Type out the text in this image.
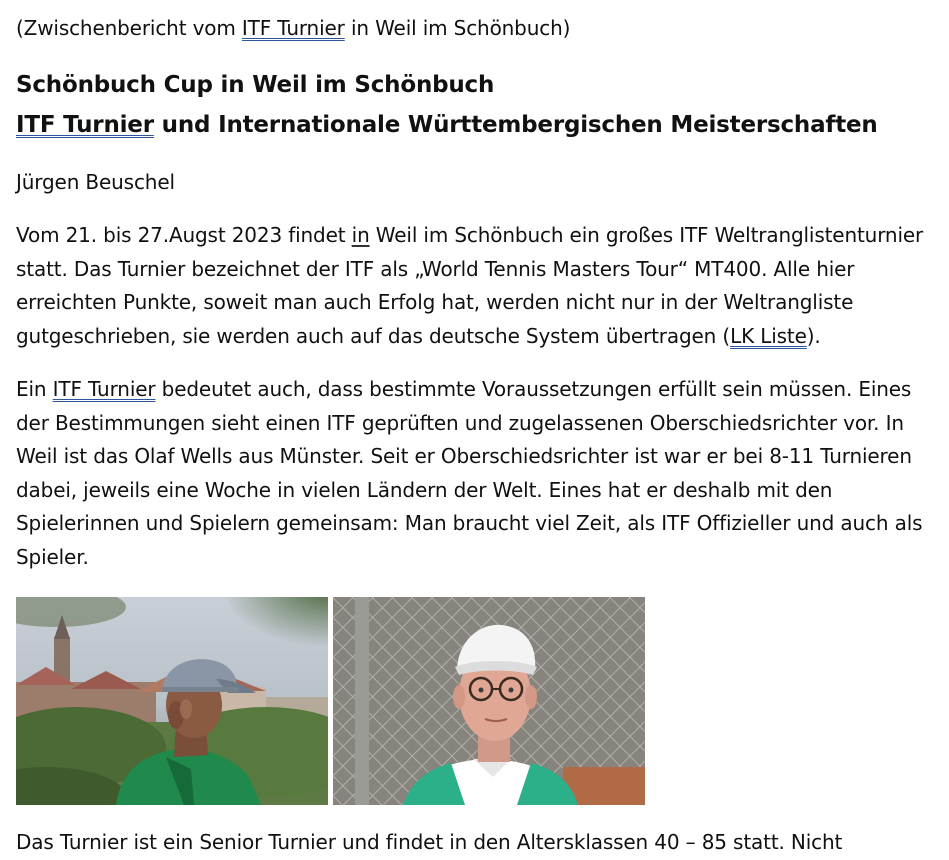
(Zwischenbericht vom ITF Turnier in Weil im Schönbuch)

Schönbuch Cup in Weil im Schönbuch

ITF Turnier und Internationale Württembergischen Meisterschaften

Jürgen Beuschel

Vom 21. bis 27.Augst 2023 findet in Weil im Schönbuch ein großes ITF Weltranglistenturnier statt. Das Turnier bezeichnet der ITF als „World Tennis Masters Tour“ MT400. Alle hier erreichten Punkte, soweit man auch Erfolg hat, werden nicht nur in der Weltrangliste gutgeschrieben, sie werden auch auf das deutsche System übertragen (LK Liste).

Ein ITF Turnier bedeutet auch, dass bestimmte Voraussetzungen erfüllt sein müssen. Eines der Bestimmungen sieht einen ITF geprüften und zugelassenen Oberschiedsrichter vor. In Weil ist das Olaf Wells aus Münster. Seit er Oberschiedsrichter ist war er bei 8-11 Turnieren dabei, jeweils eine Woche in vielen Ländern der Welt. Eines hat er deshalb mit den Spielerinnen und Spielern gemeinsam: Man braucht viel Zeit, als ITF Offizieller und auch als Spieler.

Das Turnier ist ein Senior Turnier und findet in den Altersklassen 40 – 85 statt. Nicht
